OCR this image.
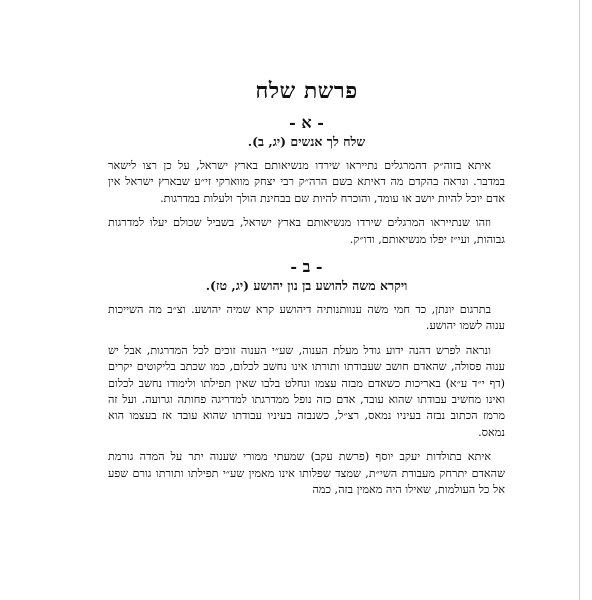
פרשת שלח
- א -
שלח לך אנשים (יג, ב).

איתא בזוה״ק דהמרגלים נתייראו שירדו מנשיאותם בארץ ישראל, על כן רצו לישאר במדבר. ונראה בהקדם מה דאיתא בשם הרה״ק רבי יצחק מווארקי זי״ע שבארץ ישראל אין אדם יוכל להיות יושב או עומד, והוכרח להיות שם בבחינת הולך ולעלות במדרגות.

וזהו שנתייראו המרגלים שירדו מנשיאותם בארץ ישראל, בשביל שכולם יעלו למדרגות גבוהות, ועי״ז יפלו מנשיאותם, ודו״ק.

- ב -
ויקרא משה להושע בן נון יהושע (יג, טז).

בתרגום יונתן, כד חמי משה ענוותנותיה דיהושע קרא שמיה יהושע. וצ״ב מה השייכות ענוה לשמו יהושע.

ונראה לפרש דהנה ידוע גודל מעלת הענוה, שע״י הענוה זוכים לכל המדרגות, אבל יש ענוה פסולה, שהאדם חושב שעבודתו ותורתו אינו נחשב לכלום, כמו שכתב בליקוטים יקרים (דף י״ד ע״א) באריכות כשאדם מבזה עצמו ונחלט בלבו שאין תפילתו ולימודו נחשב לכלום ואינו מחשיב עבודתו שהוא עובד, אדם כזה נופל ממדרגתו למדריגה פחותה וגרועה. ועל זה מרמז הכתוב נבזה בעיניו נמאס, רצ״ל, כשנבזה בעיניו עבודתו שהוא עובד אז בעצמו הוא נמאס.

איתא בתולדות יעקב יוסף (פרשת עקב) שמעתי ממורי שענוה יתר על המדה גורמת שהאדם יתרחק מעבודת השי״ת, שמצד שפלותו אינו מאמין שע״י תפילתו ותורתו גורם שפע אל כל העולמות, שאילו היה מאמין בזה, כמה
